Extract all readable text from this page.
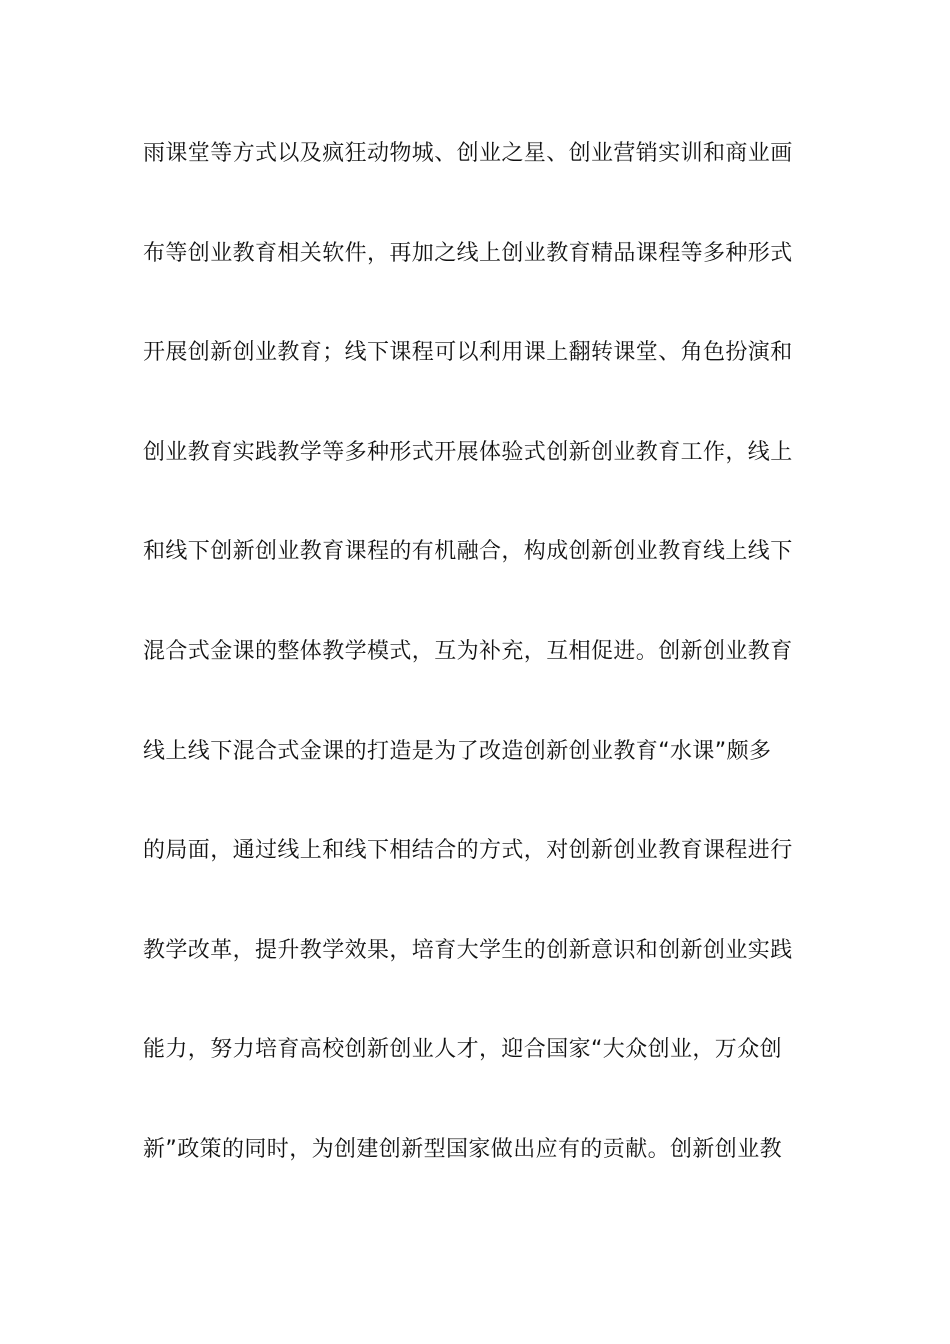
雨课堂等方式以及疯狂动物城、创业之星、创业营销实训和商业画
布等创业教育相关软件，再加之线上创业教育精品课程等多种形式
开展创新创业教育；线下课程可以利用课上翻转课堂、角色扮演和
创业教育实践教学等多种形式开展体验式创新创业教育工作，线上
和线下创新创业教育课程的有机融合，构成创新创业教育线上线下
混合式金课的整体教学模式，互为补充，互相促进。创新创业教育
线上线下混合式金课的打造是为了改造创新创业教育“水课”颇多
的局面，通过线上和线下相结合的方式，对创新创业教育课程进行
教学改革，提升教学效果，培育大学生的创新意识和创新创业实践
能力，努力培育高校创新创业人才，迎合国家“大众创业，万众创
新”政策的同时，为创建创新型国家做出应有的贡献。创新创业教
